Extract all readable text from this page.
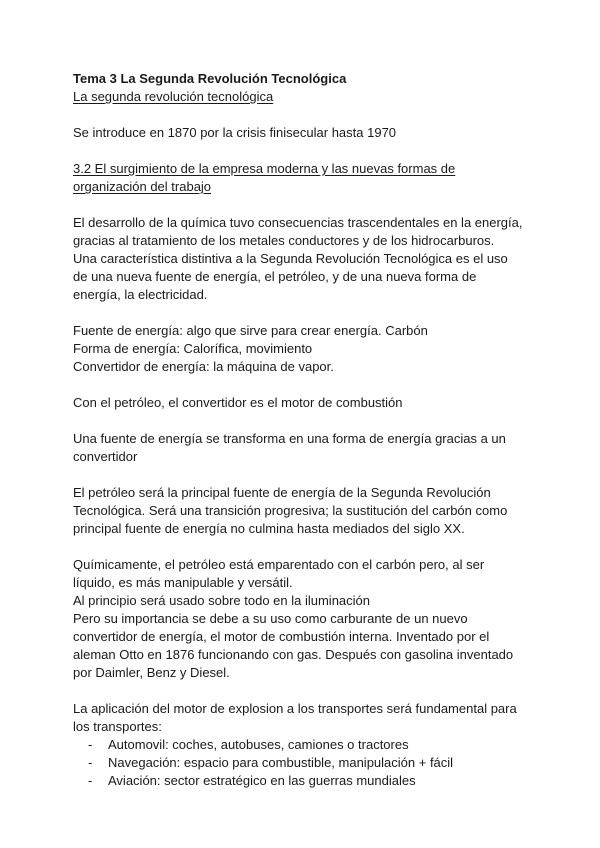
Tema 3 La Segunda Revolución Tecnológica

La segunda revolución tecnológica

Se introduce en 1870 por la crisis finisecular hasta 1970

3.2 El surgimiento de la empresa moderna y las nuevas formas de

organización del trabajo

El desarrollo de la química tuvo consecuencias trascendentales en la energía,

gracias al tratamiento de los metales conductores y de los hidrocarburos.

Una característica distintiva a la Segunda Revolución Tecnológica es el uso

de una nueva fuente de energía, el petróleo, y de una nueva forma de

energía, la electricidad.

Fuente de energía: algo que sirve para crear energía. Carbón

Forma de energía: Calorífica, movimiento

Convertidor de energía: la máquina de vapor.

Con el petróleo, el convertidor es el motor de combustión

Una fuente de energía se transforma en una forma de energía gracias a un

convertidor

El petróleo será la principal fuente de energía de la Segunda Revolución

Tecnológica. Será una transición progresiva; la sustitución del carbón como

principal fuente de energía no culmina hasta mediados del siglo XX.

Químicamente, el petróleo está emparentado con el carbón pero, al ser

líquido, es más manipulable y versátil.

Al principio será usado sobre todo en la iluminación

Pero su importancia se debe a su uso como carburante de un nuevo

convertidor de energía, el motor de combustión interna. Inventado por el

aleman Otto en 1876 funcionando con gas. Después con gasolina inventado

por Daimler, Benz y Diesel.

La aplicación del motor de explosion a los transportes será fundamental para

los transportes:

- Automovil: coches, autobuses, camiones o tractores
- Navegación: espacio para combustible, manipulación + fácil
- Aviación: sector estratégico en las guerras mundiales
